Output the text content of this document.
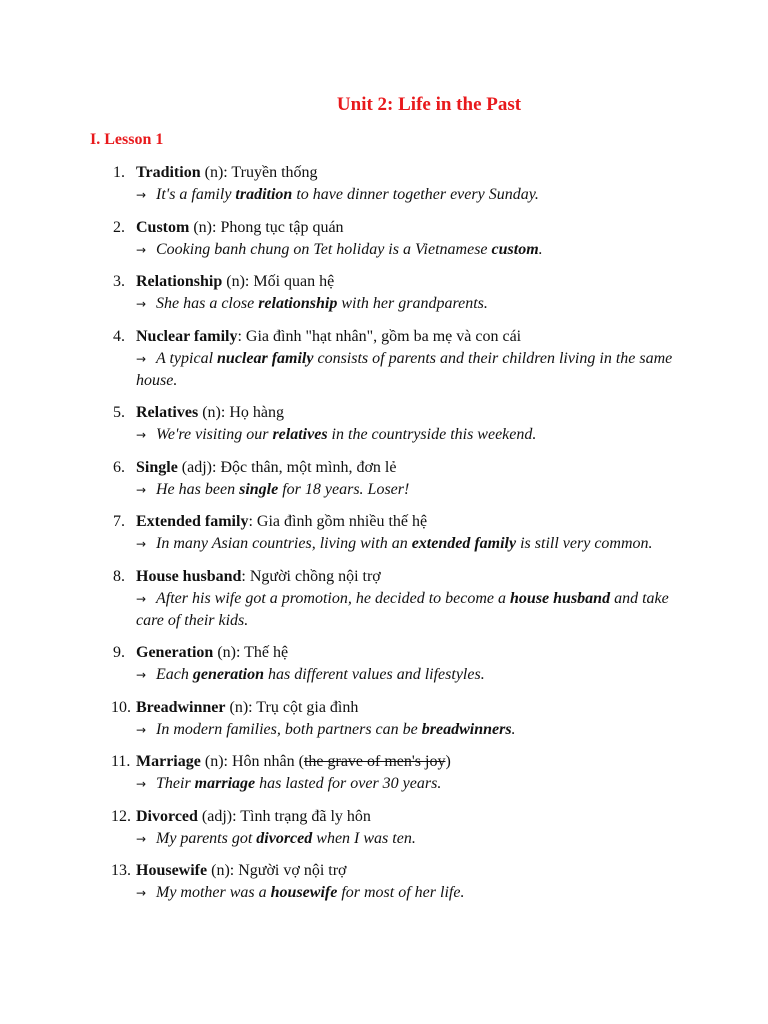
Unit 2: Life in the Past
I. Lesson 1
1. Tradition (n): Truyền thống
→ It's a family tradition to have dinner together every Sunday.
2. Custom (n): Phong tục tập quán
→ Cooking banh chung on Tet holiday is a Vietnamese custom.
3. Relationship (n): Mối quan hệ
→ She has a close relationship with her grandparents.
4. Nuclear family: Gia đình "hạt nhân", gồm ba mẹ và con cái
→ A typical nuclear family consists of parents and their children living in the same house.
5. Relatives (n): Họ hàng
→ We're visiting our relatives in the countryside this weekend.
6. Single (adj): Độc thân, một mình, đơn lẻ
→ He has been single for 18 years. Loser!
7. Extended family: Gia đình gồm nhiều thế hệ
→ In many Asian countries, living with an extended family is still very common.
8. House husband: Người chồng nội trợ
→ After his wife got a promotion, he decided to become a house husband and take care of their kids.
9. Generation (n): Thế hệ
→ Each generation has different values and lifestyles.
10. Breadwinner (n): Trụ cột gia đình
→ In modern families, both partners can be breadwinners.
11. Marriage (n): Hôn nhân (the grave of men's joy)
→ Their marriage has lasted for over 30 years.
12. Divorced (adj): Tình trạng đã ly hôn
→ My parents got divorced when I was ten.
13. Housewife (n): Người vợ nội trợ
→ My mother was a housewife for most of her life.
